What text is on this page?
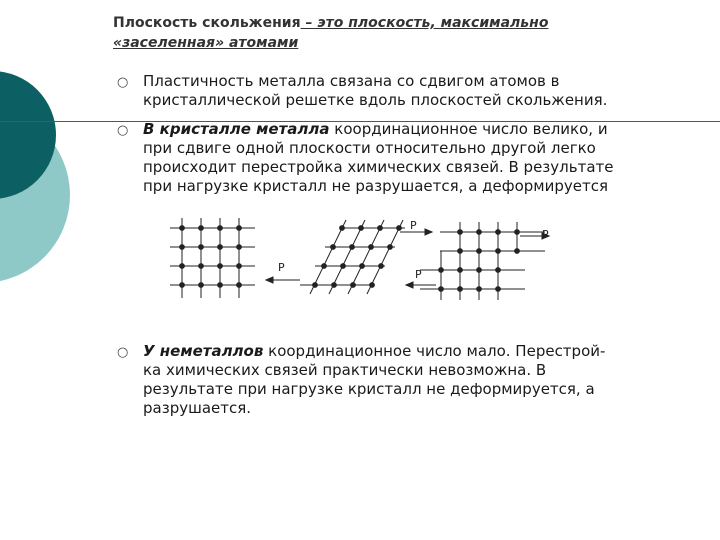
Плоскость скольжения – это плоскость, максимально
«заселенная» атомами
○ Пластичность металла связана со сдвигом атомов в
кристаллической решетке вдоль плоскостей скольжения.
○ В кристалле металла координационное число велико, и
при сдвиге одной плоскости относительно другой легко
происходит перестройка химических связей. В результате
при нагрузке кристалл не разрушается, а деформируется
P
P
P
P
○ У неметаллов координационное число мало. Перестрой-
ка химических связей практически невозможна. В
результате при нагрузке кристалл не деформируется, а
разрушается.
